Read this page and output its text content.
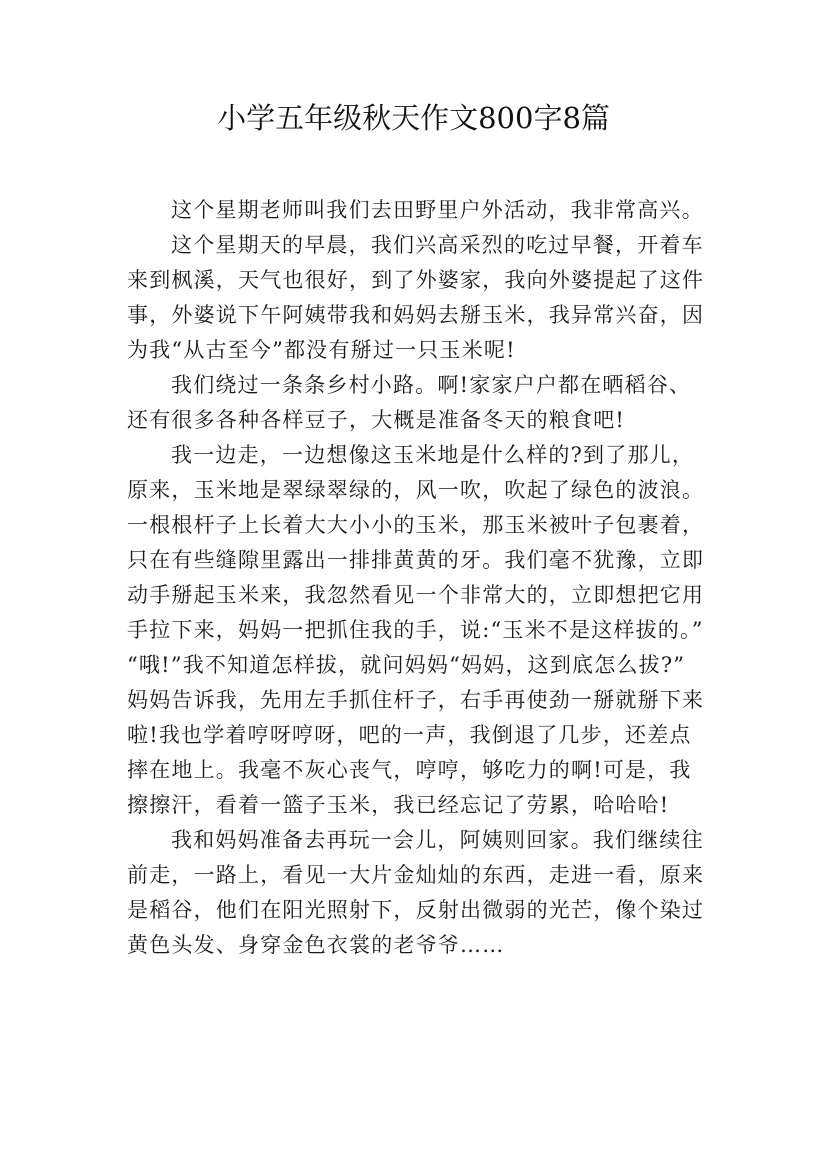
小学五年级秋天作文800字8篇
这个星期老师叫我们去田野里户外活动，我非常高兴。
这个星期天的早晨，我们兴高采烈的吃过早餐，开着车
来到枫溪，天气也很好，到了外婆家，我向外婆提起了这件
事，外婆说下午阿姨带我和妈妈去掰玉米，我异常兴奋，因
为我“从古至今”都没有掰过一只玉米呢!
我们绕过一条条乡村小路。啊!家家户户都在晒稻谷、
还有很多各种各样豆子，大概是准备冬天的粮食吧!
我一边走，一边想像这玉米地是什么样的?到了那儿，
原来，玉米地是翠绿翠绿的，风一吹，吹起了绿色的波浪。
一根根杆子上长着大大小小的玉米，那玉米被叶子包裹着，
只在有些缝隙里露出一排排黄黄的牙。我们毫不犹豫，立即
动手掰起玉米来，我忽然看见一个非常大的，立即想把它用
手拉下来，妈妈一把抓住我的手，说:“玉米不是这样拔的。”
“哦!”我不知道怎样拔，就问妈妈“妈妈，这到底怎么拔?”
妈妈告诉我，先用左手抓住杆子，右手再使劲一掰就掰下来
啦!我也学着哼呀哼呀，吧的一声，我倒退了几步，还差点
摔在地上。我毫不灰心丧气，哼哼，够吃力的啊!可是，我
擦擦汗，看着一篮子玉米，我已经忘记了劳累，哈哈哈!
我和妈妈准备去再玩一会儿，阿姨则回家。我们继续往
前走，一路上，看见一大片金灿灿的东西，走进一看，原来
是稻谷，他们在阳光照射下，反射出微弱的光芒，像个染过
黄色头发、身穿金色衣裳的老爷爷……
